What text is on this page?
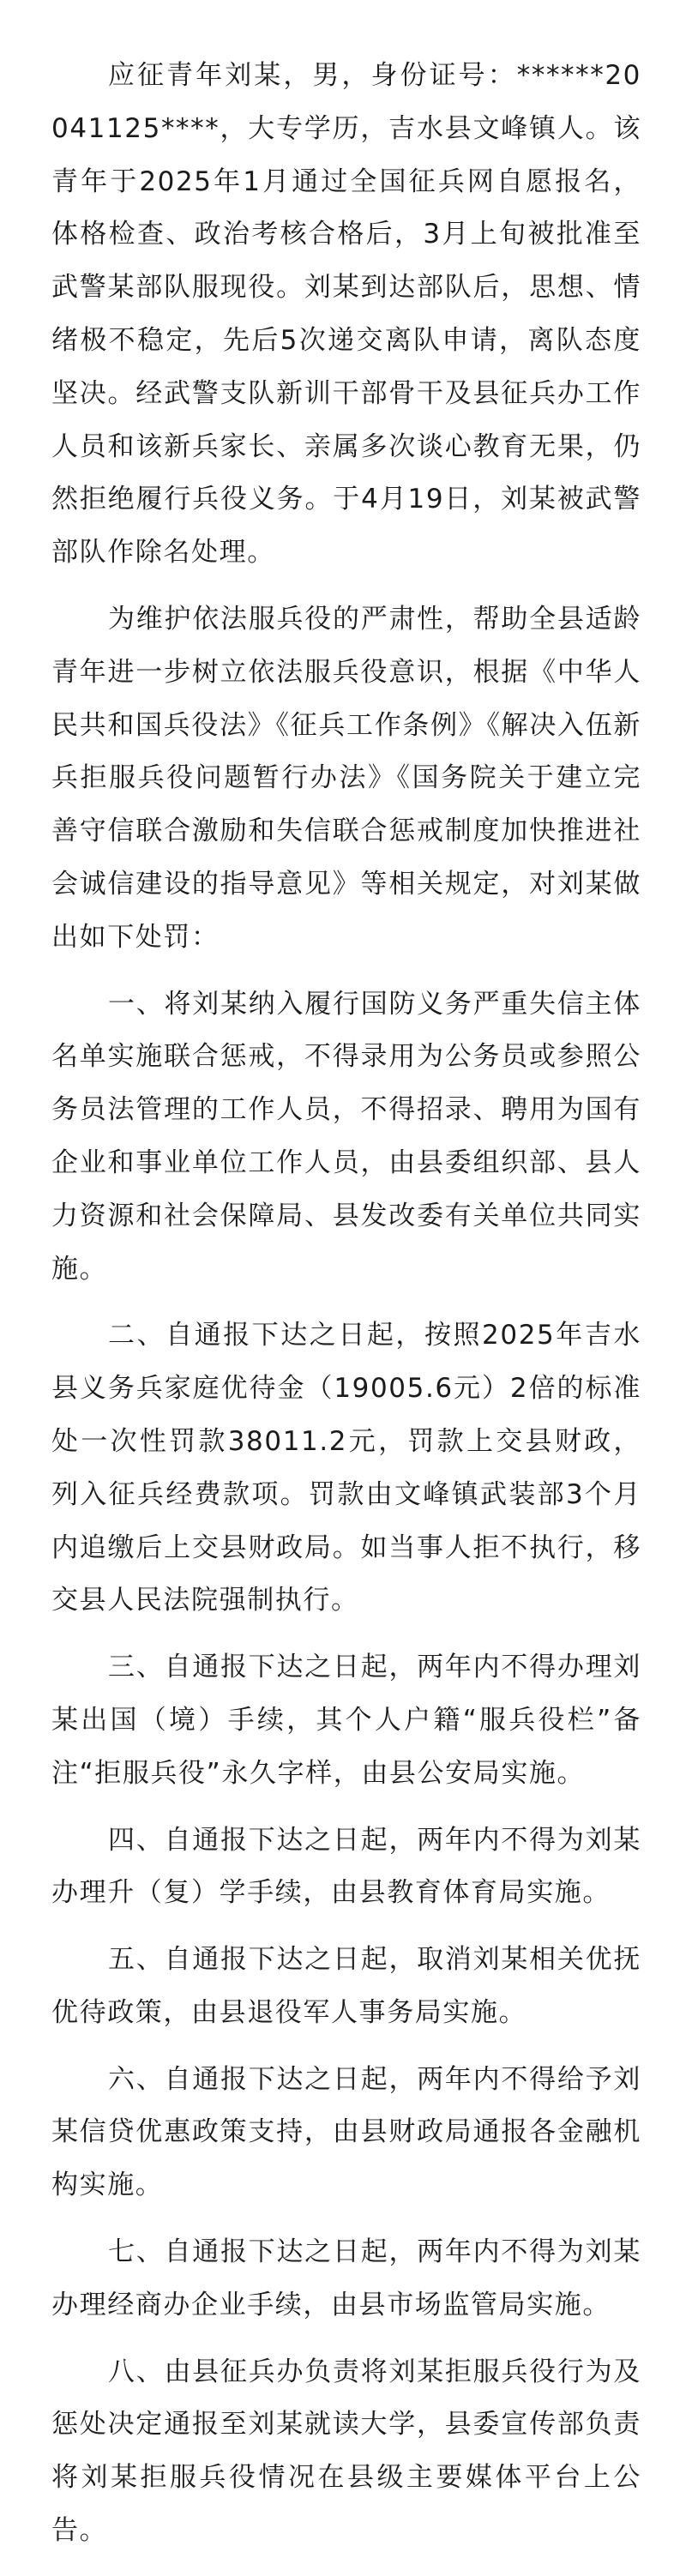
应征青年刘某，男，身份证号：******20041125****，大专学历，吉水县文峰镇人。该青年于2025年1月通过全国征兵网自愿报名，体格检查、政治考核合格后，3月上旬被批准至武警某部队服现役。刘某到达部队后，思想、情绪极不稳定，先后5次递交离队申请，离队态度坚决。经武警支队新训干部骨干及县征兵办工作人员和该新兵家长、亲属多次谈心教育无果，仍然拒绝履行兵役义务。于4月19日，刘某被武警部队作除名处理。

为维护依法服兵役的严肃性，帮助全县适龄青年进一步树立依法服兵役意识，根据《中华人民共和国兵役法》《征兵工作条例》《解决入伍新兵拒服兵役问题暂行办法》《国务院关于建立完善守信联合激励和失信联合惩戒制度加快推进社会诚信建设的指导意见》等相关规定，对刘某做出如下处罚：

一、将刘某纳入履行国防义务严重失信主体名单实施联合惩戒，不得录用为公务员或参照公务员法管理的工作人员，不得招录、聘用为国有企业和事业单位工作人员，由县委组织部、县人力资源和社会保障局、县发改委有关单位共同实施。

二、自通报下达之日起，按照2025年吉水县义务兵家庭优待金（19005.6元）2倍的标准处一次性罚款38011.2元，罚款上交县财政，列入征兵经费款项。罚款由文峰镇武装部3个月内追缴后上交县财政局。如当事人拒不执行，移交县人民法院强制执行。

三、自通报下达之日起，两年内不得办理刘某出国（境）手续，其个人户籍“服兵役栏”备注“拒服兵役”永久字样，由县公安局实施。

四、自通报下达之日起，两年内不得为刘某办理升（复）学手续，由县教育体育局实施。

五、自通报下达之日起，取消刘某相关优抚优待政策，由县退役军人事务局实施。

六、自通报下达之日起，两年内不得给予刘某信贷优惠政策支持，由县财政局通报各金融机构实施。

七、自通报下达之日起，两年内不得为刘某办理经商办企业手续，由县市场监管局实施。

八、由县征兵办负责将刘某拒服兵役行为及惩处决定通报至刘某就读大学，县委宣传部负责将刘某拒服兵役情况在县级主要媒体平台上公告。
